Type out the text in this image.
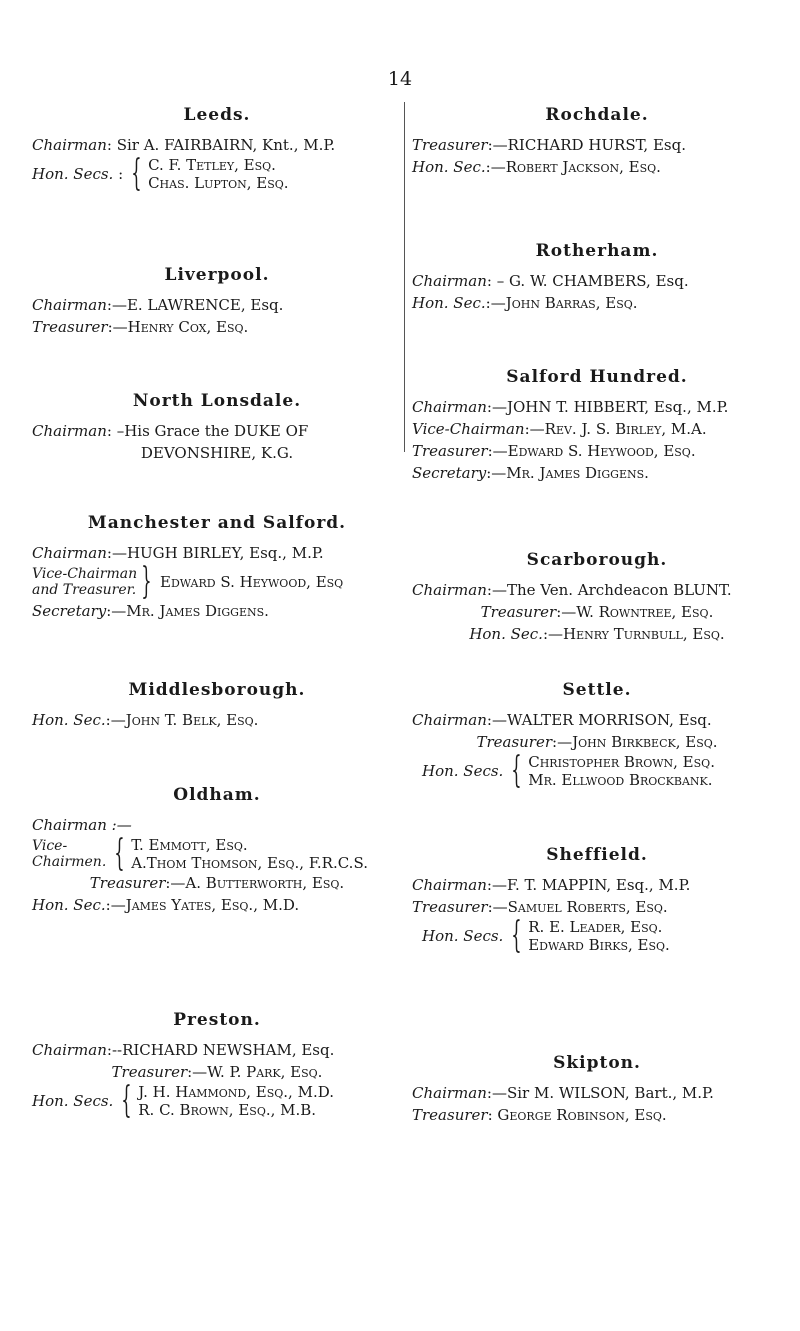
14
Leeds.
Chairman: Sir A. FAIRBAIRN, Knt., M.P.
Hon. Secs. : { C. F. Tetley, Esq.
Chas. Lupton, Esq.
Liverpool.
Chairman:—E. LAWRENCE, Esq.
Treasurer:—Henry Cox, Esq.
North Lonsdale.
Chairman: –His Grace the DUKE OF
DEVONSHIRE, K.G.
Manchester and Salford.
Chairman:—HUGH BIRLEY, Esq., M.P.
Vice-Chairman
and Treasurer. } Edward S. Heywood, Esq
Secretary:—Mr. James Diggens.
Middlesborough.
Hon. Sec.:—John T. Belk, Esq.
Oldham.
Chairman :—
Vice-
Chairmen. { T. Emmott, Esq.
A.Thom Thomson, Esq., F.R.C.S.
Treasurer:—A. Butterworth, Esq.
Hon. Sec.:—James Yates, Esq., M.D.
Preston.
Chairman:--RICHARD NEWSHAM, Esq.
Treasurer:—W. P. Park, Esq.
Hon. Secs. { J. H. Hammond, Esq., M.D.
R. C. Brown, Esq., M.B.
Rochdale.
Treasurer:—RICHARD HURST, Esq.
Hon. Sec.:—Robert Jackson, Esq.
Rotherham.
Chairman: – G. W. CHAMBERS, Esq.
Hon. Sec.:—John Barras, Esq.
Salford Hundred.
Chairman:—JOHN T. HIBBERT, Esq., M.P.
Vice-Chairman:—Rev. J. S. Birley, M.A.
Treasurer:—Edward S. Heywood, Esq.
Secretary:—Mr. James Diggens.
Scarborough.
Chairman:—The Ven. Archdeacon BLUNT.
Treasurer:—W. Rowntree, Esq.
Hon. Sec.:—Henry Turnbull, Esq.
Settle.
Chairman:—WALTER MORRISON, Esq.
Treasurer:—John Birkbeck, Esq.
Hon. Secs. { Christopher Brown, Esq.
Mr. Ellwood Brockbank.
Sheffield.
Chairman:—F. T. MAPPIN, Esq., M.P.
Treasurer:—Samuel Roberts, Esq.
Hon. Secs. { R. E. Leader, Esq.
Edward Birks, Esq.
Skipton.
Chairman:—Sir M. WILSON, Bart., M.P.
Treasurer: George Robinson, Esq.
